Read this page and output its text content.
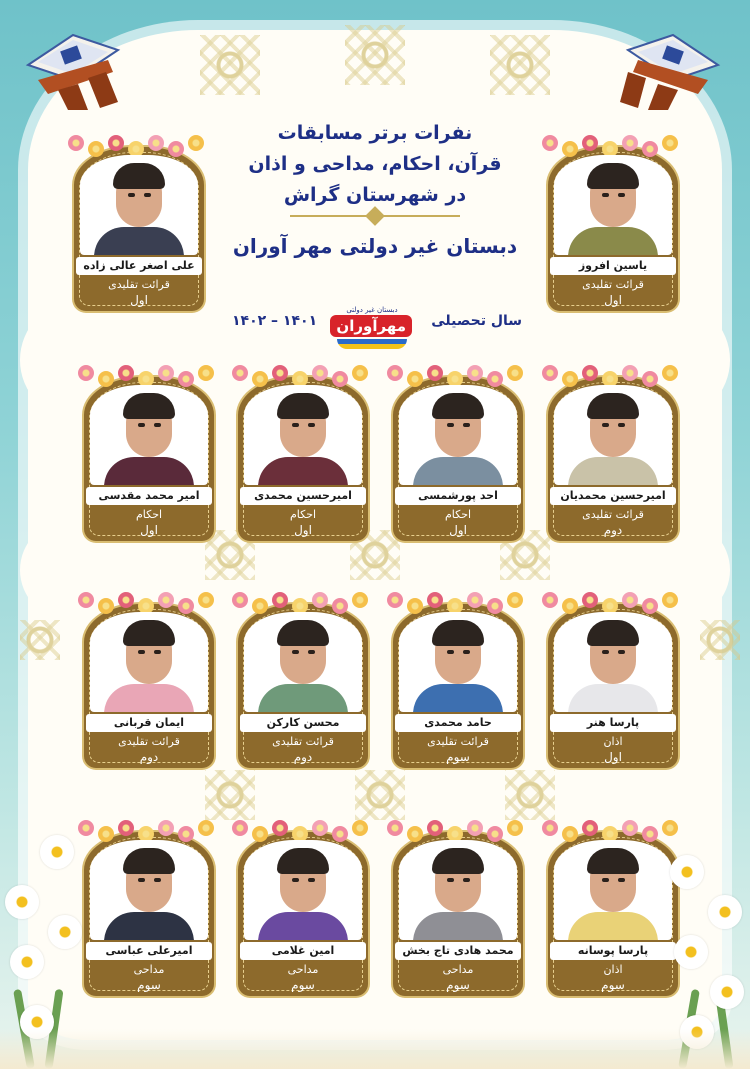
نفرات برتر مسابقات
قرآن، احکام، مداحی و اذان
در شهرستان گراش
دبستان غیر دولتی مهر آوران
سال تحصیلی
دبستان غیر دولتی
مهرآوران
۱۴۰۲ – ۱۴۰۱
یاسین افروز
قرائت تقلیدی
اول
علی اصغر عالی زاده
قرائت تقلیدی
اول
امیرحسین محمدیان
قرائت تقلیدی
دوم
احد پورشمسی
احکام
اول
امیرحسین محمدی
احکام
اول
امیر محمد مقدسی
احکام
اول
پارسا هنر
اذان
اول
حامد محمدی
قرائت تقلیدی
سوم
محسن کارکن
قرائت تقلیدی
دوم
ایمان قربانی
قرائت تقلیدی
دوم
پارسا پوسانه
اذان
سوم
محمد هادی تاج بخش
مداحی
سوم
امین غلامی
مداحی
سوم
امیرعلی عباسی
مداحی
سوم
